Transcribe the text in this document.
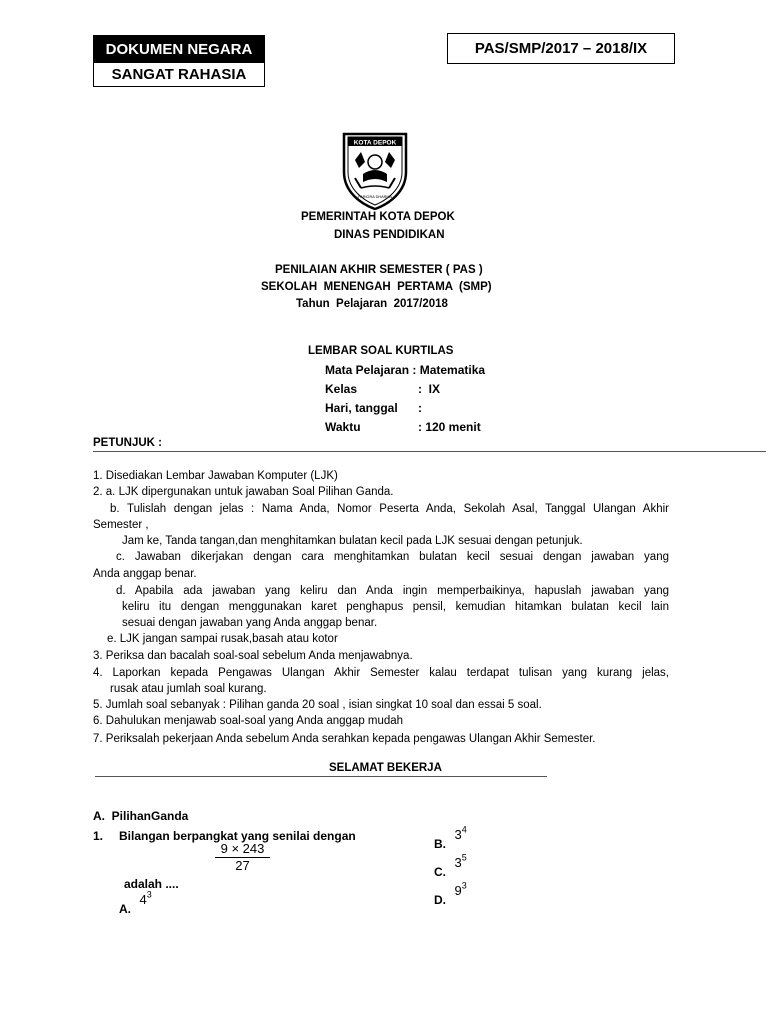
DOKUMEN NEGARA
SANGAT RAHASIA
PAS/SMP/2017 – 2018/IX
KOTA DEPOK
PARIGRA DHARMA
PEMERINTAH KOTA DEPOK
DINAS PENDIDIKAN
PENILAIAN AKHIR SEMESTER ( PAS )
SEKOLAH  MENENGAH  PERTAMA  (SMP)
Tahun  Pelajaran  2017/2018
LEMBAR SOAL KURTILAS
Mata Pelajaran : Matematika
Kelas	:  IX
Hari, tanggal :
Waktu	: 120 menit
PETUNJUK :
1. Disediakan Lembar Jawaban Komputer (LJK)
2. a. LJK dipergunakan untuk jawaban Soal Pilihan Ganda.
b. Tulislah dengan jelas : Nama Anda, Nomor Peserta Anda, Sekolah Asal, Tanggal Ulangan Akhir
Semester ,
Jam ke, Tanda tangan,dan menghitamkan bulatan kecil pada LJK sesuai dengan petunjuk.
c. Jawaban dikerjakan dengan cara menghitamkan bulatan kecil sesuai dengan jawaban yang
Anda anggap benar.
d. Apabila ada jawaban yang keliru dan Anda ingin memperbaikinya, hapuslah jawaban yang
keliru itu dengan menggunakan karet penghapus pensil, kemudian hitamkan bulatan kecil lain
sesuai dengan jawaban yang Anda anggap benar.
e. LJK jangan sampai rusak,basah atau kotor
3. Periksa dan bacalah soal-soal sebelum Anda menjawabnya.
4. Laporkan kepada Pengawas Ulangan Akhir Semester kalau terdapat tulisan yang kurang jelas,
rusak atau jumlah soal kurang.
5. Jumlah soal sebanyak : Pilihan ganda 20 soal , isian singkat 10 soal dan essai 5 soal.
6. Dahulukan menjawab soal-soal yang Anda anggap mudah
7. Periksalah pekerjaan Anda sebelum Anda serahkan kepada pengawas Ulangan Akhir Semester.
SELAMAT BEKERJA
A.  PilihanGanda
1. Bilangan berpangkat yang senilai dengan
9 × 243
27
adalah ....
$_{A.}$ $4^3$
$_{B.}$ $3^4$
$_{C.}$ $3^5$
$_{D.}$ $9^3$
